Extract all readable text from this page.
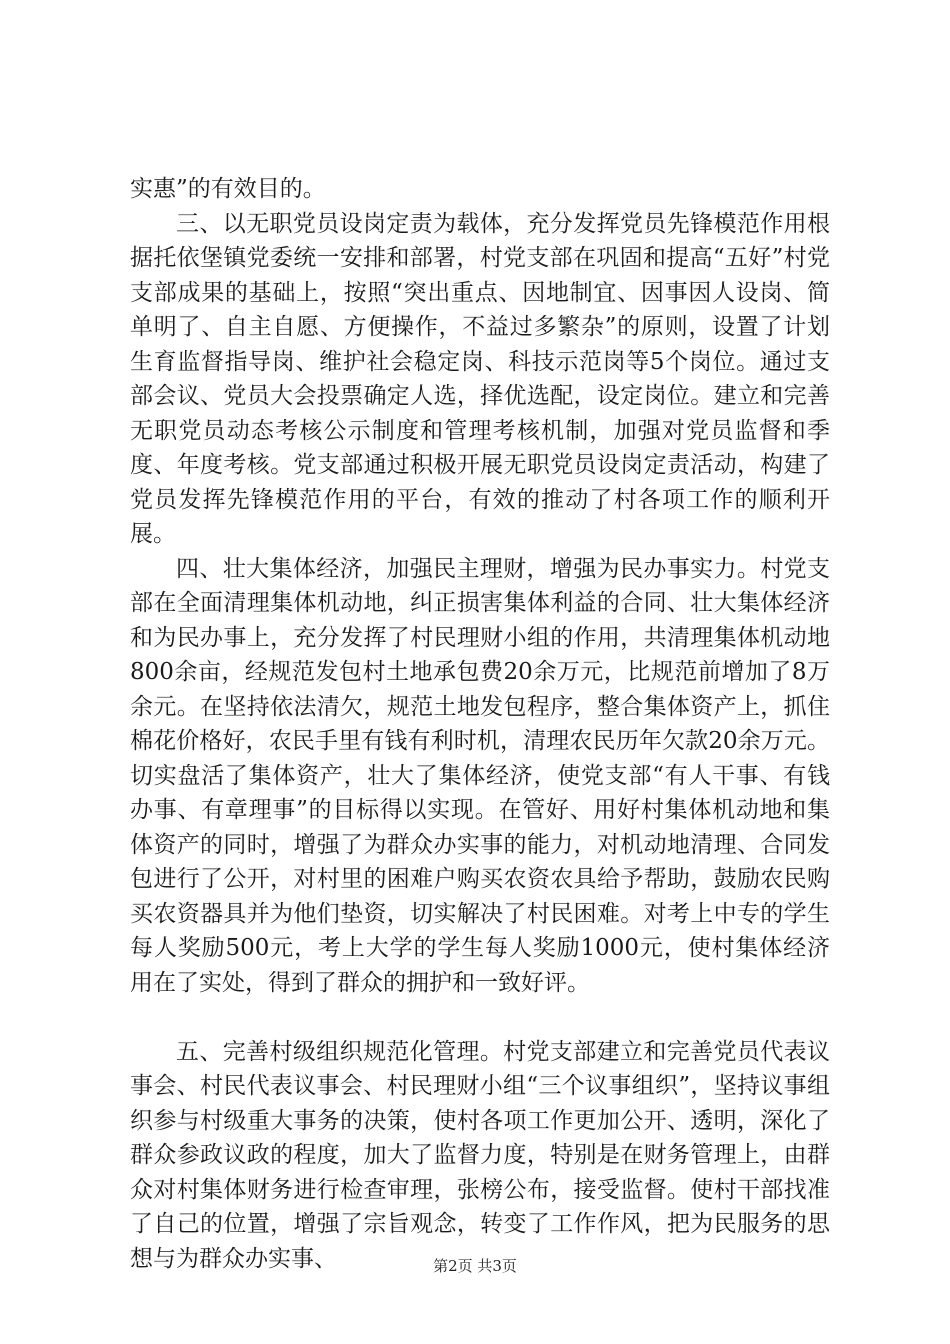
实惠”的有效目的。

三、以无职党员设岗定责为载体，充分发挥党员先锋模范作用根据托依堡镇党委统一安排和部署，村党支部在巩固和提高“五好”村党支部成果的基础上，按照“突出重点、因地制宜、因事因人设岗、简单明了、自主自愿、方便操作，不益过多繁杂”的原则，设置了计划生育监督指导岗、维护社会稳定岗、科技示范岗等5个岗位。通过支部会议、党员大会投票确定人选，择优选配，设定岗位。建立和完善无职党员动态考核公示制度和管理考核机制，加强对党员监督和季度、年度考核。党支部通过积极开展无职党员设岗定责活动，构建了党员发挥先锋模范作用的平台，有效的推动了村各项工作的顺利开展。

四、壮大集体经济，加强民主理财，增强为民办事实力。村党支部在全面清理集体机动地，纠正损害集体利益的合同、壮大集体经济和为民办事上，充分发挥了村民理财小组的作用，共清理集体机动地800余亩，经规范发包村土地承包费20余万元，比规范前增加了8万余元。在坚持依法清欠，规范土地发包程序，整合集体资产上，抓住棉花价格好，农民手里有钱有利时机，清理农民历年欠款20余万元。切实盘活了集体资产，壮大了集体经济，使党支部“有人干事、有钱办事、有章理事”的目标得以实现。在管好、用好村集体机动地和集体资产的同时，增强了为群众办实事的能力，对机动地清理、合同发包进行了公开，对村里的困难户购买农资农具给予帮助，鼓励农民购买农资器具并为他们垫资，切实解决了村民困难。对考上中专的学生每人奖励500元，考上大学的学生每人奖励1000元，使村集体经济用在了实处，得到了群众的拥护和一致好评。

五、完善村级组织规范化管理。村党支部建立和完善党员代表议事会、村民代表议事会、村民理财小组“三个议事组织”，坚持议事组织参与村级重大事务的决策，使村各项工作更加公开、透明，深化了群众参政议政的程度，加大了监督力度，特别是在财务管理上，由群众对村集体财务进行检查审理，张榜公布，接受监督。使村干部找准了自己的位置，增强了宗旨观念，转变了工作作风，把为民服务的思想与为群众办实事、	第2页 共3页
